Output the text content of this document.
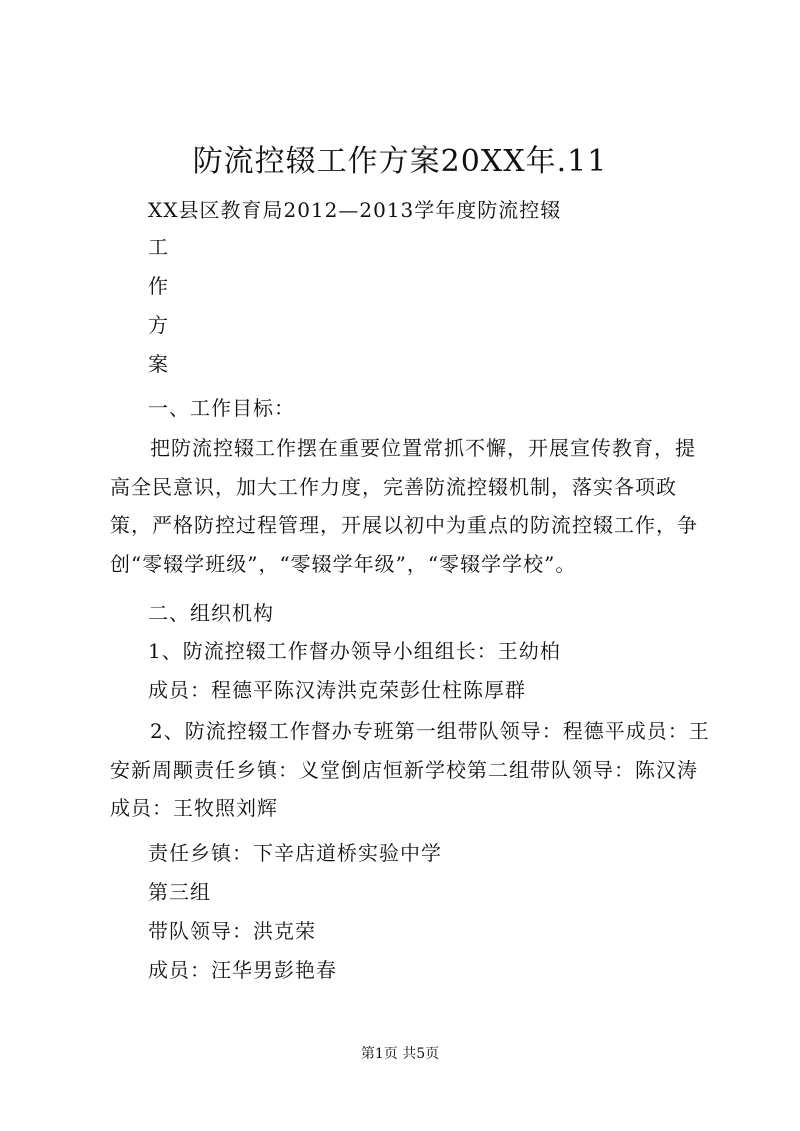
防流控辍工作方案20XX年.11
XX县区教育局2012—2013学年度防流控辍
工
作
方
案
一、工作目标：

把防流控辍工作摆在重要位置常抓不懈，开展宣传教育，提高全民意识，加大工作力度，完善防流控辍机制，落实各项政策，严格防控过程管理，开展以初中为重点的防流控辍工作，争创“零辍学班级”，“零辍学年级”，“零辍学学校”。

二、组织机构
1、防流控辍工作督办领导小组组长：王幼柏
成员：程德平陈汉涛洪克荣彭仕柱陈厚群

2、防流控辍工作督办专班第一组带队领导：程德平成员：王安新周颙责任乡镇：义堂倒店恒新学校第二组带队领导：陈汉涛成员：王牧照刘辉

责任乡镇：下辛店道桥实验中学
第三组
带队领导：洪克荣
成员：汪华男彭艳春
第1页 共5页
